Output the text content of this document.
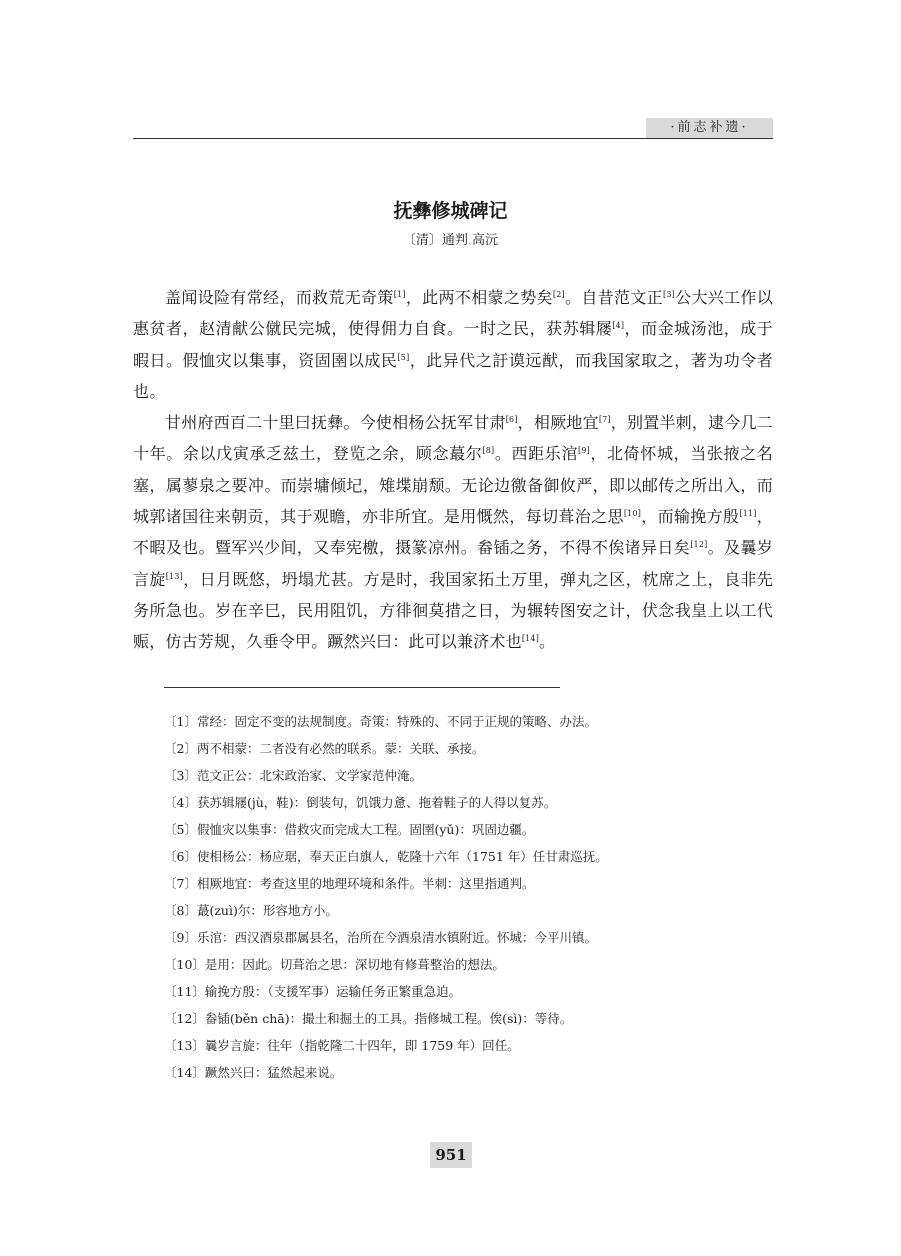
·前志补遗·
抚彝修城碑记
〔清〕通判 高沅

盖闻设险有常经，而救荒无奇策[1]，此两不相蒙之势矣[2]。自昔范文正[3]公大兴工作以惠贫者，赵清献公僦民完城，使得佣力自食。一时之民，获苏辑屦[4]，而金城汤池，成于暇日。假恤灾以集事，资固圉以成民[5]，此异代之訏谟远猷，而我国家取之，著为功令者也。

甘州府西百二十里曰抚彝。今使相杨公抚军甘肃[6]，相厥地宜[7]，别置半刺，逮今几二十年。余以戊寅承乏兹土，登览之余，顾念蕞尔[8]。西距乐涫[9]，北倚怀城，当张掖之名塞，属蓼泉之要冲。而崇墉倾圮，雉堞崩颓。无论边徼备御攸严，即以邮传之所出入，而城郭诸国往来朝贡，其于观瞻，亦非所宜。是用慨然，每切葺治之思[10]，而输挽方殷[11]，不暇及也。暨军兴少间，又奉宪檄，摄篆凉州。畚锸之务，不得不俟诸异日矣[12]。及曩岁言旋[13]，日月既悠，坍塌尤甚。方是时，我国家拓土万里，弹丸之区，枕席之上，良非先务所急也。岁在辛巳，民用阻饥，方徘徊莫措之日，为辗转图安之计，伏念我皇上以工代赈，仿古芳规，久垂令甲。蹶然兴曰：此可以兼济术也[14]。

〔1〕常经：固定不变的法规制度。奇策：特殊的、不同于正规的策略、办法。
〔2〕两不相蒙：二者没有必然的联系。蒙：关联、承接。
〔3〕范文正公：北宋政治家、文学家范仲淹。
〔4〕获苏辑屦(jù，鞋)：倒装句，饥饿力惫、拖着鞋子的人得以复苏。
〔5〕假恤灾以集事：借救灾而完成大工程。固圉(yǔ)：巩固边疆。
〔6〕使相杨公：杨应琚，奉天正白旗人，乾隆十六年（1751 年）任甘肃巡抚。
〔7〕相厥地宜：考查这里的地理环境和条件。半刺：这里指通判。
〔8〕蕞(zuì)尔：形容地方小。
〔9〕乐涫：西汉酒泉郡属县名，治所在今酒泉清水镇附近。怀城：今平川镇。
〔10〕是用：因此。切葺治之思：深切地有修葺整治的想法。
〔11〕输挽方殷：（支援军事）运输任务正繁重急迫。
〔12〕畚锸(běn chā)：撮土和掘土的工具。指修城工程。俟(sì)：等待。
〔13〕曩岁言旋：往年（指乾隆二十四年，即 1759 年）回任。
〔14〕蹶然兴曰：猛然起来说。
951
